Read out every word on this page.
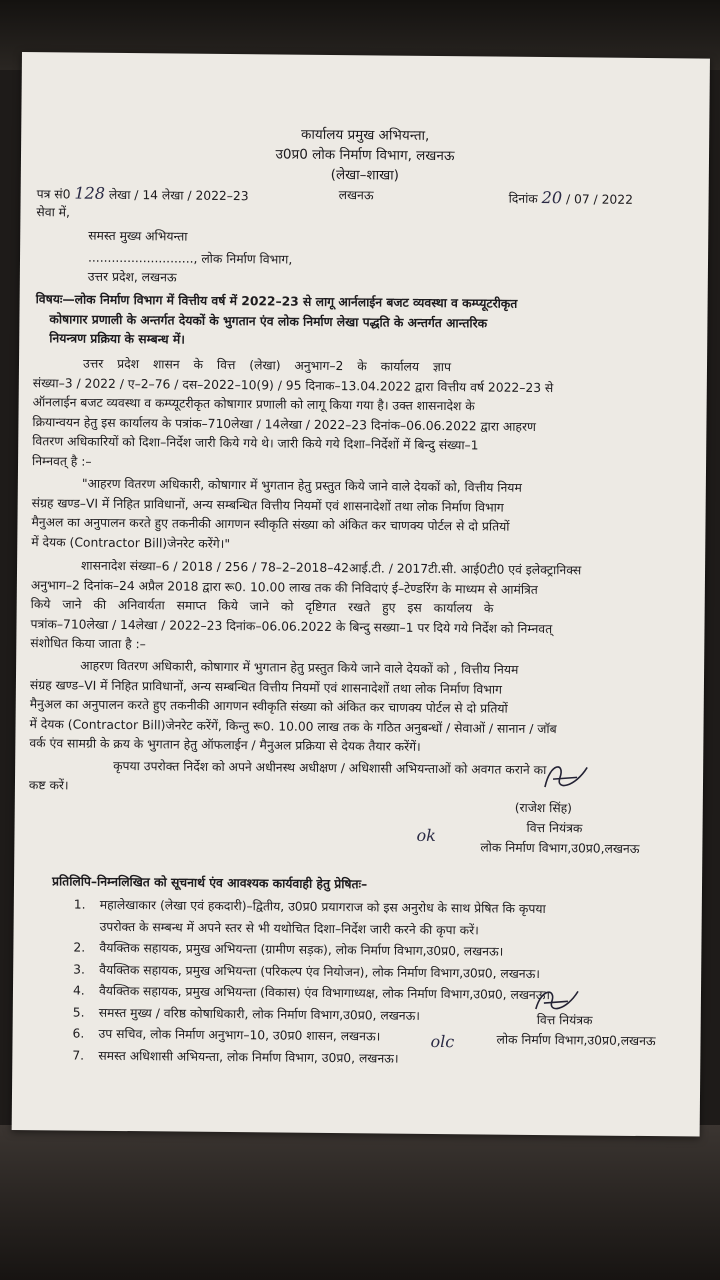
कार्यालय प्रमुख अभियन्ता,
उ0प्र0 लोक निर्माण विभाग, लखनऊ
(लेखा–शाखा)
पत्र सं0 128 लेखा / 14 लेखा / 2022–23	लखनऊ	दिनांक 20 / 07 / 2022
सेवा में,
समस्त मुख्य अभियन्ता
..........................., लोक निर्माण विभाग,
उत्तर प्रदेश, लखनऊ
विषयः—लोक निर्माण विभाग में वित्तीय वर्ष में 2022–23 से लागू आर्नलाईन बजट व्यवस्था व कम्प्यूटरीकृत
कोषागार प्रणाली के अन्तर्गत देयकों के भुगतान एंव लोक निर्माण लेखा पद्धति के अन्तर्गत आन्तरिक
नियन्त्रण प्रक्रिया के सम्बन्ध में।
उत्तर प्रदेश शासन के वित्त (लेखा) अनुभाग–2 के कार्यालय ज्ञाप
संख्या–3 / 2022 / ए–2–76 / दस–2022–10(9) / 95 दिनाक–13.04.2022 द्वारा वित्तीय वर्ष 2022–23 से
ऑनलाईन बजट व्यवस्था व कम्प्यूटरीकृत कोषागार प्रणाली को लागू किया गया है। उक्त शासनादेश के
क्रियान्वयन हेतु इस कार्यालय के पत्रांक–710लेखा / 14लेखा / 2022–23 दिनांक–06.06.2022 द्वारा आहरण
वितरण अधिकारियों को दिशा–निर्देश जारी किये गये थे। जारी किये गये दिशा–निर्देशों में बिन्दु संख्या–1
निम्नवत् है :–
"आहरण वितरण अधिकारी, कोषागार में भुगतान हेतु प्रस्तुत किये जाने वाले देयकों को, वित्तीय नियम
संग्रह खण्ड–VI में निहित प्राविधानों, अन्य सम्बन्धित वित्तीय नियमों एवं शासनादेशों तथा लोक निर्माण विभाग
मैनुअल का अनुपालन करते हुए तकनीकी आगणन स्वीकृति संख्या को अंकित कर चाणक्य पोर्टल से दो प्रतियों
में देयक (Contractor Bill)जेनरेट करेंगे।"
शासनादेश संख्या–6 / 2018 / 256 / 78–2–2018–42आई.टी. / 2017टी.सी. आई0टी0 एवं इलेक्ट्रानिक्स
अनुभाग–2 दिनांक–24 अप्रैल 2018 द्वारा रू0. 10.00 लाख तक की निविदाएं ई–टेण्डरिंग के माध्यम से आमंत्रित
किये जाने की अनिवार्यता समाप्त किये जाने को दृष्टिगत रखते हुए इस कार्यालय के
पत्रांक–710लेखा / 14लेखा / 2022–23 दिनांक–06.06.2022 के बिन्दु सख्या–1 पर दिये गये निर्देश को निम्नवत्
संशोधित किया जाता है :–
आहरण वितरण अधिकारी, कोषागार में भुगतान हेतु प्रस्तुत किये जाने वाले देयकों को , वित्तीय नियम
संग्रह खण्ड–VI में निहित प्राविधानों, अन्य सम्बन्धित वित्तीय नियमों एवं शासनादेशों तथा लोक निर्माण विभाग
मैनुअल का अनुपालन करते हुए तकनीकी आगणन स्वीकृति संख्या को अंकित कर चाणक्य पोर्टल से दो प्रतियों
में देयक (Contractor Bill)जेनरेट करेंगें, किन्तु रू0. 10.00 लाख तक के गठित अनुबन्धों / सेवाओं / सानान / जॉब
वर्क एंव सामग्री के क्रय के भुगतान हेतु ऑफलाईन / मैनुअल प्रक्रिया से देयक तैयार करेंगें।
कृपया उपरोक्त निर्देश को अपने अधीनस्थ अधीक्षण / अधिशासी अभियन्ताओं को अवगत कराने का
कष्ट करें।
(राजेश सिंह)
वित्त नियंत्रक
लोक निर्माण विभाग,उ0प्र0,लखनऊ
ok
प्रतिलिपि–निम्नलिखित को सूचनार्थ एंव आवश्यक कार्यवाही हेतु प्रेषितः–
1. महालेखाकार (लेखा एवं हकदारी)–द्वितीय, उ0प्र0 प्रयागराज को इस अनुरोध के साथ प्रेषित कि कृपया
उपरोक्त के सम्बन्ध में अपने स्तर से भी यथोचित दिशा–निर्देश जारी करने की कृपा करें।
2. वैयक्तिक सहायक, प्रमुख अभियन्ता (ग्रामीण सड़क), लोक निर्माण विभाग,उ0प्र0, लखनऊ।
3. वैयक्तिक सहायक, प्रमुख अभियन्ता (परिकल्प एंव नियोजन), लोक निर्माण विभाग,उ0प्र0, लखनऊ।
4. वैयक्तिक सहायक, प्रमुख अभियन्ता (विकास) एंव विभागाध्यक्ष, लोक निर्माण विभाग,उ0प्र0, लखनऊ।
5. समस्त मुख्य / वरिष्ठ कोषाधिकारी, लोक निर्माण विभाग,उ0प्र0, लखनऊ।
6. उप सचिव, लोक निर्माण अनुभाग–10, उ0प्र0 शासन, लखनऊ।
7. समस्त अधिशासी अभियन्ता, लोक निर्माण विभाग, उ0प्र0, लखनऊ।
वित्त नियंत्रक
लोक निर्माण विभाग,उ0प्र0,लखनऊ
olc
